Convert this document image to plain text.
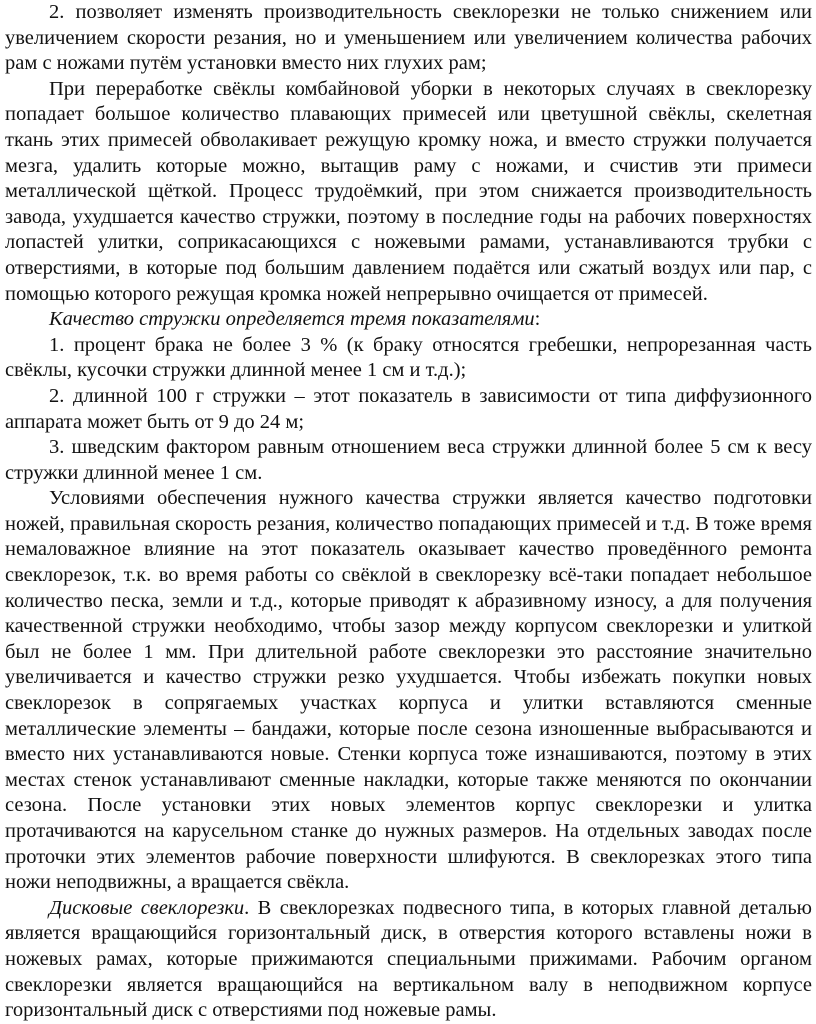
2. позволяет изменять производительность свеклорезки не только снижением или увеличением скорости резания, но и уменьшением или увеличением количества рабочих рам с ножами путём установки вместо них глухих рам;

При переработке свёклы комбайновой уборки в некоторых случаях в свеклорезку попадает большое количество плавающих примесей или цветушной свёклы, скелетная ткань этих примесей обволакивает режущую кромку ножа, и вместо стружки получается мезга, удалить которые можно, вытащив раму с ножами, и счистив эти примеси металлической щёткой. Процесс трудоёмкий, при этом снижается производительность завода, ухудшается качество стружки, поэтому в последние годы на рабочих поверхностях лопастей улитки, соприкасающихся с ножевыми рамами, устанавливаются трубки с отверстиями, в которые под большим давлением подаётся или сжатый воздух или пар, с помощью которого режущая кромка ножей непрерывно очищается от примесей.

Качество стружки определяется тремя показателями:

1. процент брака не более 3 % (к браку относятся гребешки, непрорезанная часть свёклы, кусочки стружки длинной менее 1 см и т.д.);

2. длинной 100 г стружки – этот показатель в зависимости от типа диффузионного аппарата может быть от 9 до 24 м;

3. шведским фактором равным отношением веса стружки длинной более 5 см к весу стружки длинной менее 1 см.

Условиями обеспечения нужного качества стружки является качество подготовки ножей, правильная скорость резания, количество попадающих примесей и т.д. В тоже время немаловажное влияние на этот показатель оказывает качество проведённого ремонта свеклорезок, т.к. во время работы со свёклой в свеклорезку всё-таки попадает небольшое количество песка, земли и т.д., которые приводят к абразивному износу, а для получения качественной стружки необходимо, чтобы зазор между корпусом свеклорезки и улиткой был не более 1 мм. При длительной работе свеклорезки это расстояние значительно увеличивается и качество стружки резко ухудшается. Чтобы избежать покупки новых свеклорезок в сопрягаемых участках корпуса и улитки вставляются сменные металлические элементы – бандажи, которые после сезона изношенные выбрасываются и вместо них устанавливаются новые. Стенки корпуса тоже изнашиваются, поэтому в этих местах стенок устанавливают сменные накладки, которые также меняются по окончании сезона. После установки этих новых элементов корпус свеклорезки и улитка протачиваются на карусельном станке до нужных размеров. На отдельных заводах после проточки этих элементов рабочие поверхности шлифуются. В свеклорезках этого типа ножи неподвижны, а вращается свёкла.

Дисковые свеклорезки. В свеклорезках подвесного типа, в которых главной деталью является вращающийся горизонтальный диск, в отверстия которого вставлены ножи в ножевых рамах, которые прижимаются специальными прижимами. Рабочим органом свеклорезки является вращающийся на вертикальном валу в неподвижном корпусе горизонтальный диск с отверстиями под ножевые рамы.
